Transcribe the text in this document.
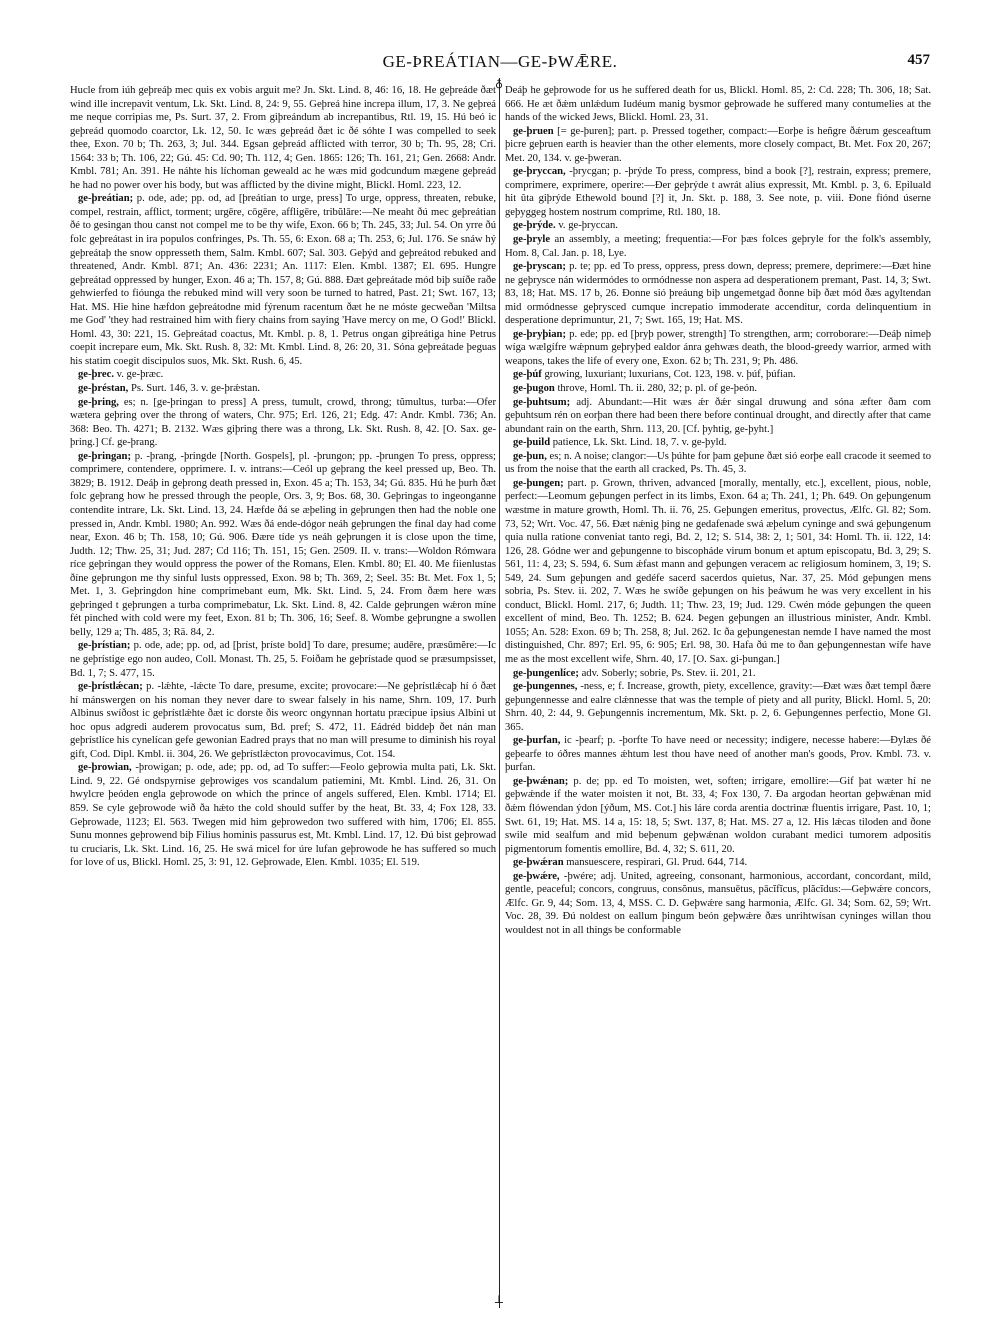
GE-ÞREÁTIAN—GE-ÞWǢRE.	457
♁
⊥

Hucle from iúh geþreáþ mec quis ex vobis arguit me? Jn. Skt. Lind. 8, 46: 16, 18. He geþreáde ðæt wind ille increpavit ventum, Lk. Skt. Lind. 8, 24: 9, 55. Geþreá hine increpa illum, 17, 3. Ne geþreá me neque corripias me, Ps. Surt. 37, 2. From giþreándum ab increpantibus, Rtl. 19, 15. Hú beó ic geþreád quomodo coarctor, Lk. 12, 50. Ic wæs geþreád ðæt ic ðé sóhte I was compelled to seek thee, Exon. 70 b; Th. 263, 3; Jul. 344. Egsan geþreád afflicted with terror, 30 b; Th. 95, 28; Cri. 1564: 33 b; Th. 106, 22; Gú. 45: Cd. 90; Th. 112, 4; Gen. 1865: 126; Th. 161, 21; Gen. 2668: Andr. Kmbl. 781; An. 391. He náhte his líchoman geweald ac he wæs mid godcundum mægene geþreád he had no power over his body, but was afflicted by the divine might, Blickl. Homl. 223, 12.

ge-þreátian; p. ode, ade; pp. od, ad [þreátian to urge, press] To urge, oppress, threaten, rebuke, compel, restrain, afflict, torment; urgēre, cōgēre, affligēre, tribŭlāre:—Ne meaht ðú mec geþreátian ðé to gesingan thou canst not compel me to be thy wife, Exon. 66 b; Th. 245, 33; Jul. 54. On yrre ðú folc geþreátast in ira populos confringes, Ps. Th. 55, 6: Exon. 68 a; Th. 253, 6; Jul. 176. Se snáw hý geþreátaþ the snow oppresseth them, Salm. Kmbl. 607; Sal. 303. Geþýd and geþreátod rebuked and threatened, Andr. Kmbl. 871; An. 436: 2231; An. 1117: Elen. Kmbl. 1387; El. 695. Hungre geþreátad oppressed by hunger, Exon. 46 a; Th. 157, 8; Gú. 888. Ðæt geþreátade mód biþ suíðe raðe gehwierfed to fióunga the rebuked mind will very soon be turned to hatred, Past. 21; Swt. 167, 13; Hat. MS. Hie hine hæfdon geþreátodne mid fýrenum racentum ðæt he ne móste gecweðan 'Miltsa me God' 'they had restrained him with fiery chains from saying 'Have mercy on me, O God!' Blickl. Homl. 43, 30: 221, 15. Geþreátad coactus, Mt. Kmbl. p. 8, 1. Petrus ongan giþreátiga hine Petrus coepit increpare eum, Mk. Skt. Rush. 8, 32: Mt. Kmbl. Lind. 8, 26: 20, 31. Sóna geþreátade þeguas his statim coegit discipulos suos, Mk. Skt. Rush. 6, 45.

ge-þrec. v. ge-þræc.

ge-þréstan, Ps. Surt. 146, 3. v. ge-þrǽstan.

ge-þring, es; n. [ge-þringan to press] A press, tumult, crowd, throng; tŭmultus, turba:—Ofer wætera geþring over the throng of waters, Chr. 975; Erl. 126, 21; Edg. 47: Andr. Kmbl. 736; An. 368: Beo. Th. 4271; B. 2132. Wæs giþring there was a throng, Lk. Skt. Rush. 8, 42. [O. Sax. ge-þring.] Cf. ge-þrang.

ge-þringan; p. -þrang, -þringde [North. Gospels], pl. -þrungon; pp. -þrungen To press, oppress; comprimere, contendere, opprimere. I. v. intrans:—Ceól up geþrang the keel pressed up, Beo. Th. 3829; B. 1912. Deáþ in geþrong death pressed in, Exon. 45 a; Th. 153, 34; Gú. 835. Hú he þurh ðæt folc geþrang how he pressed through the people, Ors. 3, 9; Bos. 68, 30. Geþringas to ingeonganne contendite intrare, Lk. Skt. Lind. 13, 24. Hæfde ðá se æþeling in geþrungen then had the noble one pressed in, Andr. Kmbl. 1980; An. 992. Wæs ðá ende-dógor neáh geþrungen the final day had come near, Exon. 46 b; Th. 158, 10; Gú. 906. Ðære tíde ys neáh geþrungen it is close upon the time, Judth. 12; Thw. 25, 31; Jud. 287; Cd 116; Th. 151, 15; Gen. 2509. II. v. trans:—Woldon Rómwara ríce geþringan they would oppress the power of the Romans, Elen. Kmbl. 80; El. 40. Me fiienlustas ðíne geþrungon me thy sinful lusts oppressed, Exon. 98 b; Th. 369, 2; Seel. 35: Bt. Met. Fox 1, 5; Met. 1, 3. Geþringdon hine comprimebant eum, Mk. Skt. Lind. 5, 24. From ðæm here wæs geþringed t geþrungen a turba comprimebatur, Lk. Skt. Lind. 8, 42. Calde geþrungen wǽron míne fét pinched with cold were my feet, Exon. 81 b; Th. 306, 16; Seef. 8. Wombe geþrungne a swollen belly, 129 a; Th. 485, 3; Rä. 84, 2.

ge-þrístian; p. ode, ade; pp. od, ad [þríst, þríste bold] To dare, presume; audēre, præsūmĕre:—Ic ne geþrístige ego non audeo, Coll. Monast. Th. 25, 5. Foiðam he geþrístade quod se præsumpsisset, Bd. 1, 7; S. 477, 15.

ge-þrístlǽcan; p. -lǽhte, -lǽcte To dare, presume, excite; provocare:—Ne geþrístlǽcaþ hí ó ðæt hí mánswergen on his noman they never dare to swear falsely in his name, Shrn. 109, 17. Þurh Albinus swíðost ic geþrístlǽhte ðæt ic dorste ðis weorc ongynnan hortatu præcipue ipsius Albini ut hoc opus adgredi auderem provocatus sum, Bd. pref; S. 472, 11. Eádréd biddeþ ðet nán man geþrístlíce his cynelícan gefe gewonian Eadred prays that no man will presume to diminish his royal gift, Cod. Dipl. Kmbl. ii. 304, 26. We geþrístlǽcton provocavimus, Cot. 154.

ge-þrowian, -þrowigan; p. ode, ade; pp. od, ad To suffer:—Feolo geþrowia multa pati, Lk. Skt. Lind. 9, 22. Gé ondspyrnise geþrowiges vos scandalum patiemini, Mt. Kmbl. Lind. 26, 31. On hwylcre þeóden engla geþrowode on which the prince of angels suffered, Elen. Kmbl. 1714; El. 859. Se cyle geþrowode wið ða hǽto the cold should suffer by the heat, Bt. 33, 4; Fox 128, 33. Geþrowade, 1123; El. 563. Twegen mid him geþrowedon two suffered with him, 1706; El. 855. Sunu monnes geþrowend biþ Filius hominis passurus est, Mt. Kmbl. Lind. 17, 12. Ðú bist geþrowad tu cruciaris, Lk. Skt. Lind. 16, 25. He swá micel for úre lufan geþrowode he has suffered so much for love of us, Blickl. Homl. 25, 3: 91, 12. Geþrowade, Elen. Kmbl. 1035; El. 519.

Deáþ he geþrowode for us he suffered death for us, Blickl. Homl. 85, 2: Cd. 228; Th. 306, 18; Sat. 666. He æt ðǽm unlǽdum Iudéum manig bysmor geþrowade he suffered many contumelies at the hands of the wicked Jews, Blickl. Homl. 23, 31.

ge-þruen [= ge-þuren]; part. p. Pressed together, compact:—Eorþe is heñgre ðǽrum gesceaftum þicre geþruen earth is heavier than the other elements, more closely compact, Bt. Met. Fox 20, 267; Met. 20, 134. v. ge-þweran.

ge-þryccan, -þrycgan; p. -þrýde To press, compress, bind a book [?], restrain, express; premere, comprimere, exprimere, operire:—Ðer geþrýde t awrát alius expressit, Mt. Kmbl. p. 3, 6. Epiluald hit ûta giþrýde Ethewold bound [?] it, Jn. Skt. p. 188, 3. See note, p. viii. Ðone fiónd úserne geþyggeg hostem nostrum comprime, Rtl. 180, 18.

ge-þrýde. v. ge-þryccan.

ge-þryle an assembly, a meeting; frequentia:—For þæs folces geþryle for the folk's assembly, Hom. 8, Cal. Jan. p. 18, Lye.

ge-þryscan; p. te; pp. ed To press, oppress, press down, depress; premere, deprimere:—Ðæt hine ne geþrysce nán widermódes to ormódnesse non aspera ad desperationem premant, Past. 14, 3; Swt. 83, 18; Hat. MS. 17 b, 26. Ðonne sió þreáung biþ ungemetgad ðonne biþ ðæt mód ðæs agyltendan mid ormódnesse geþrysced cumque increpatio immoderate accenditur, corda delinquentium in desperatione deprimuntur, 21, 7; Swt. 165, 19; Hat. MS.

ge-þryþian; p. ede; pp. ed [þryþ power, strength] To strengthen, arm; corroborare:—Deáþ nimeþ wíga wælgífre wǽpnum geþryþed ealdor ánra gehwæs death, the blood-greedy warrior, armed with weapons, takes the life of every one, Exon. 62 b; Th. 231, 9; Ph. 486.

ge-þúf growing, luxuriant; luxurians, Cot. 123, 198. v. þúf, þúfian.

ge-þugon throve, Homl. Th. ii. 280, 32; p. pl. of ge-þeón.

ge-þuhtsum; adj. Abundant:—Hit wæs ǽr ðǽr singal druwung and sóna æfter ðam com geþuhtsum rén on eorþan there had been there before continual drought, and directly after that came abundant rain on the earth, Shrn. 113, 20. [Cf. þyhtig, ge-þyht.]

ge-þuild patience, Lk. Skt. Lind. 18, 7. v. ge-þyld.

ge-þun, es; n. A noise; clangor:—Us þúhte for þam geþune ðæt sió eorþe eall cracode it seemed to us from the noise that the earth all cracked, Ps. Th. 45, 3.

ge-þungen; part. p. Grown, thriven, advanced [morally, mentally, etc.], excellent, pious, noble, perfect:—Leomum geþungen perfect in its limbs, Exon. 64 a; Th. 241, 1; Ph. 649. On geþungenum wæstme in mature growth, Homl. Th. ii. 76, 25. Geþungen emeritus, provectus, Ælfc. Gl. 82; Som. 73, 52; Wrt. Voc. 47, 56. Ðæt nǽnig þing ne gedafenade swá æþelum cyninge and swá geþungenum quia nulla ratione conveniat tanto regi, Bd. 2, 12; S. 514, 38: 2, 1; 501, 34: Homl. Th. ii. 122, 14: 126, 28. Gódne wer and geþungenne to biscopháde virum bonum et aptum episcopatu, Bd. 3, 29; S. 561, 11: 4, 23; S. 594, 6. Sum ǽfast mann and geþungen veracem ac religiosum hominem, 3, 19; S. 549, 24. Sum geþungen and gedéfe sacerd sacerdos quietus, Nar. 37, 25. Mód geþungen mens sobria, Ps. Stev. ii. 202, 7. Wæs he swíðe geþungen on his þeáwum he was very excellent in his conduct, Blickl. Homl. 217, 6; Judth. 11; Thw. 23, 19; Jud. 129. Cwén móde geþungen the queen excellent of mind, Beo. Th. 1252; B. 624. Þegen geþungen an illustrious minister, Andr. Kmbl. 1055; An. 528: Exon. 69 b; Th. 258, 8; Jul. 262. Ic ða geþungenestan nemde I have named the most distinguished, Chr. 897; Erl. 95, 6: 905; Erl. 98, 30. Hafa ðú me to ðan geþungennestan wífe have me as the most excellent wife, Shrn. 40, 17. [O. Sax. gi-þungan.]

ge-þungenlíce; adv. Soberly; sobrie, Ps. Stev. ii. 201, 21.

ge-þungennes, -ness, e; f. Increase, growth, piety, excellence, gravity:—Ðæt wæs ðæt templ ðære geþungennesse and ealre clǽnnesse that was the temple of piety and all purity, Blickl. Homl. 5, 20: Shrn. 40, 2: 44, 9. Geþungennis incrementum, Mk. Skt. p. 2, 6. Geþungennes perfectio, Mone Gl. 365.

ge-þurfan, ic -þearf; p. -þorfte To have need or necessity; indigere, necesse habere:—Ðylæs ðé geþearfe to óðres mannes ǽhtum lest thou have need of another man's goods, Prov. Kmbl. 73. v. þurfan.

ge-þwǽnan; p. de; pp. ed To moisten, wet, soften; irrigare, emollire:—Gif þat wæter hí ne geþwǽnde if the water moisten it not, Bt. 33, 4; Fox 130, 7. Ða argodan heortan geþwǽnan mid ðǽm flówendan ýdon [ýðum, MS. Cot.] his láre corda arentia doctrinæ fluentis irrigare, Past. 10, 1; Swt. 61, 19; Hat. MS. 14 a, 15: 18, 5; Swt. 137, 8; Hat. MS. 27 a, 12. His lǽcas tiloden and ðone swile mid sealfum and mid beþenum geþwǽnan woldon curabant medici tumorem adpositis pigmentorum fomentis emollire, Bd. 4, 32; S. 611, 20.

ge-þwǽran mansuescere, respirari, Gl. Prud. 644, 714.

ge-þwǽre, -þwére; adj. United, agreeing, consonant, harmonious, accordant, concordant, mild, gentle, peaceful; concors, congruus, consŏnus, mansuētus, pācĭfĭcus, plăcĭdus:—Geþwǽre concors, Ælfc. Gr. 9, 44; Som. 13, 4, MSS. C. D. Geþwǽre sang harmonia, Ælfc. Gl. 34; Som. 62, 59; Wrt. Voc. 28, 39. Ðú noldest on eallum þingum beón geþwǽre ðæs unrihtwísan cyninges willan thou wouldest not in all things be conformable
